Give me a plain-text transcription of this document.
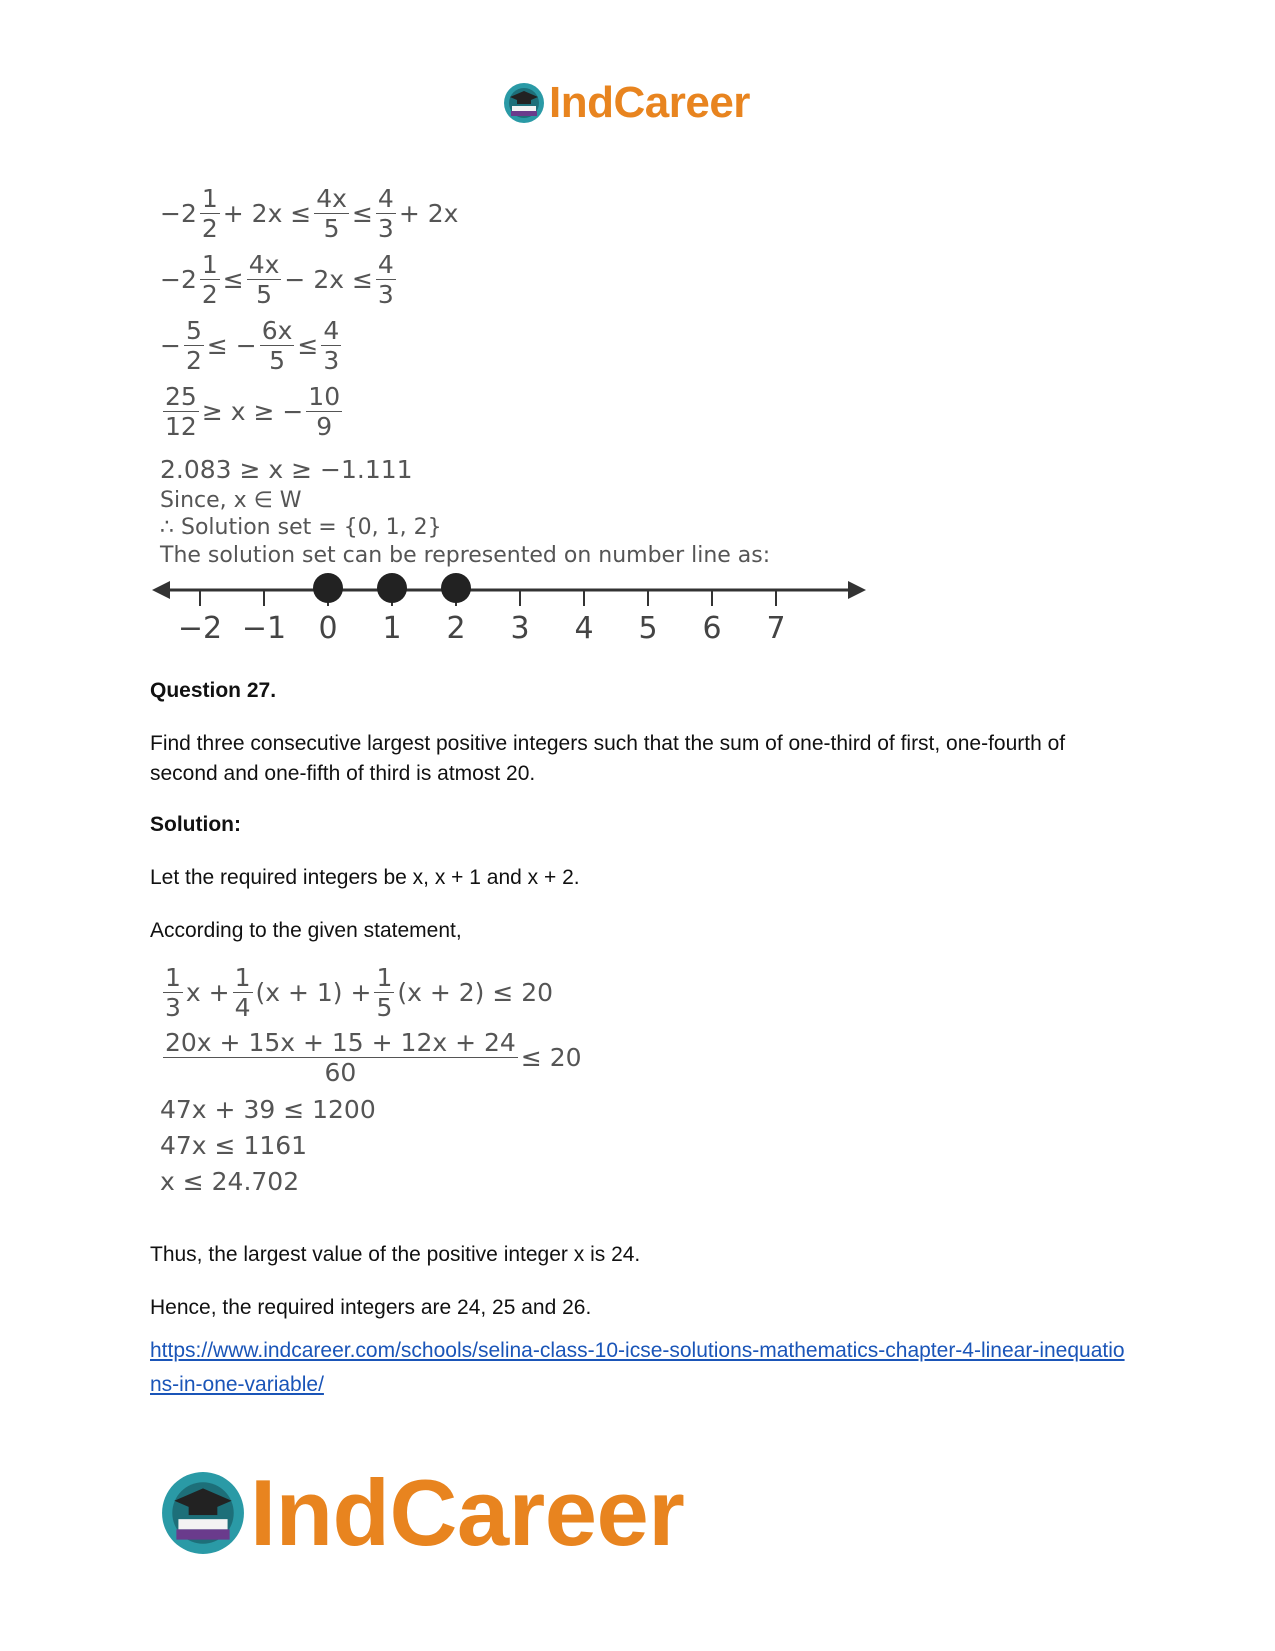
IndCareer
$-2 \frac{1}{2} + 2x \le \frac{4x}{5} \le \frac{4}{3} + 2x$
$-2 \frac{1}{2} \le \frac{4x}{5} - 2x \le \frac{4}{3}$
− $\frac{5}{2}$ ≤ − $\frac{6x}{5} \le \frac{4}{3}$
$\frac{25}{12} \ge x$ ≥ − $\frac{10}{9}$
2.083 ≥ x ≥ −1.111
Since, x ∈ W
∴ Solution set = {0, 1, 2}
The solution set can be represented on number line as:
−2 −1 0 1 2 3 4 5 6 7
Question 27.
Find three consecutive largest positive integers such that the sum of one-third of first, one-fourth of second and one-fifth of third is atmost 20.
Solution:
Let the required integers be x, x + 1 and x + 2.
According to the given statement,
$\frac{1}{3}$ $x + \frac{1}{4} (x + 1) + \frac{1}{5} (x + 2) \le 20$
$\frac{20x + 15x + 15 + 12x + 24}{60} \le 20$
47x + 39 ≤ 1200
47x ≤ 1161
x ≤ 24.702
Thus, the largest value of the positive integer x is 24.
Hence, the required integers are 24, 25 and 26.
https://www.indcareer.com/schools/selina-class-10-icse-solutions-mathematics-chapter-4-linear-inequations-in-one-variable/
IndCareer
